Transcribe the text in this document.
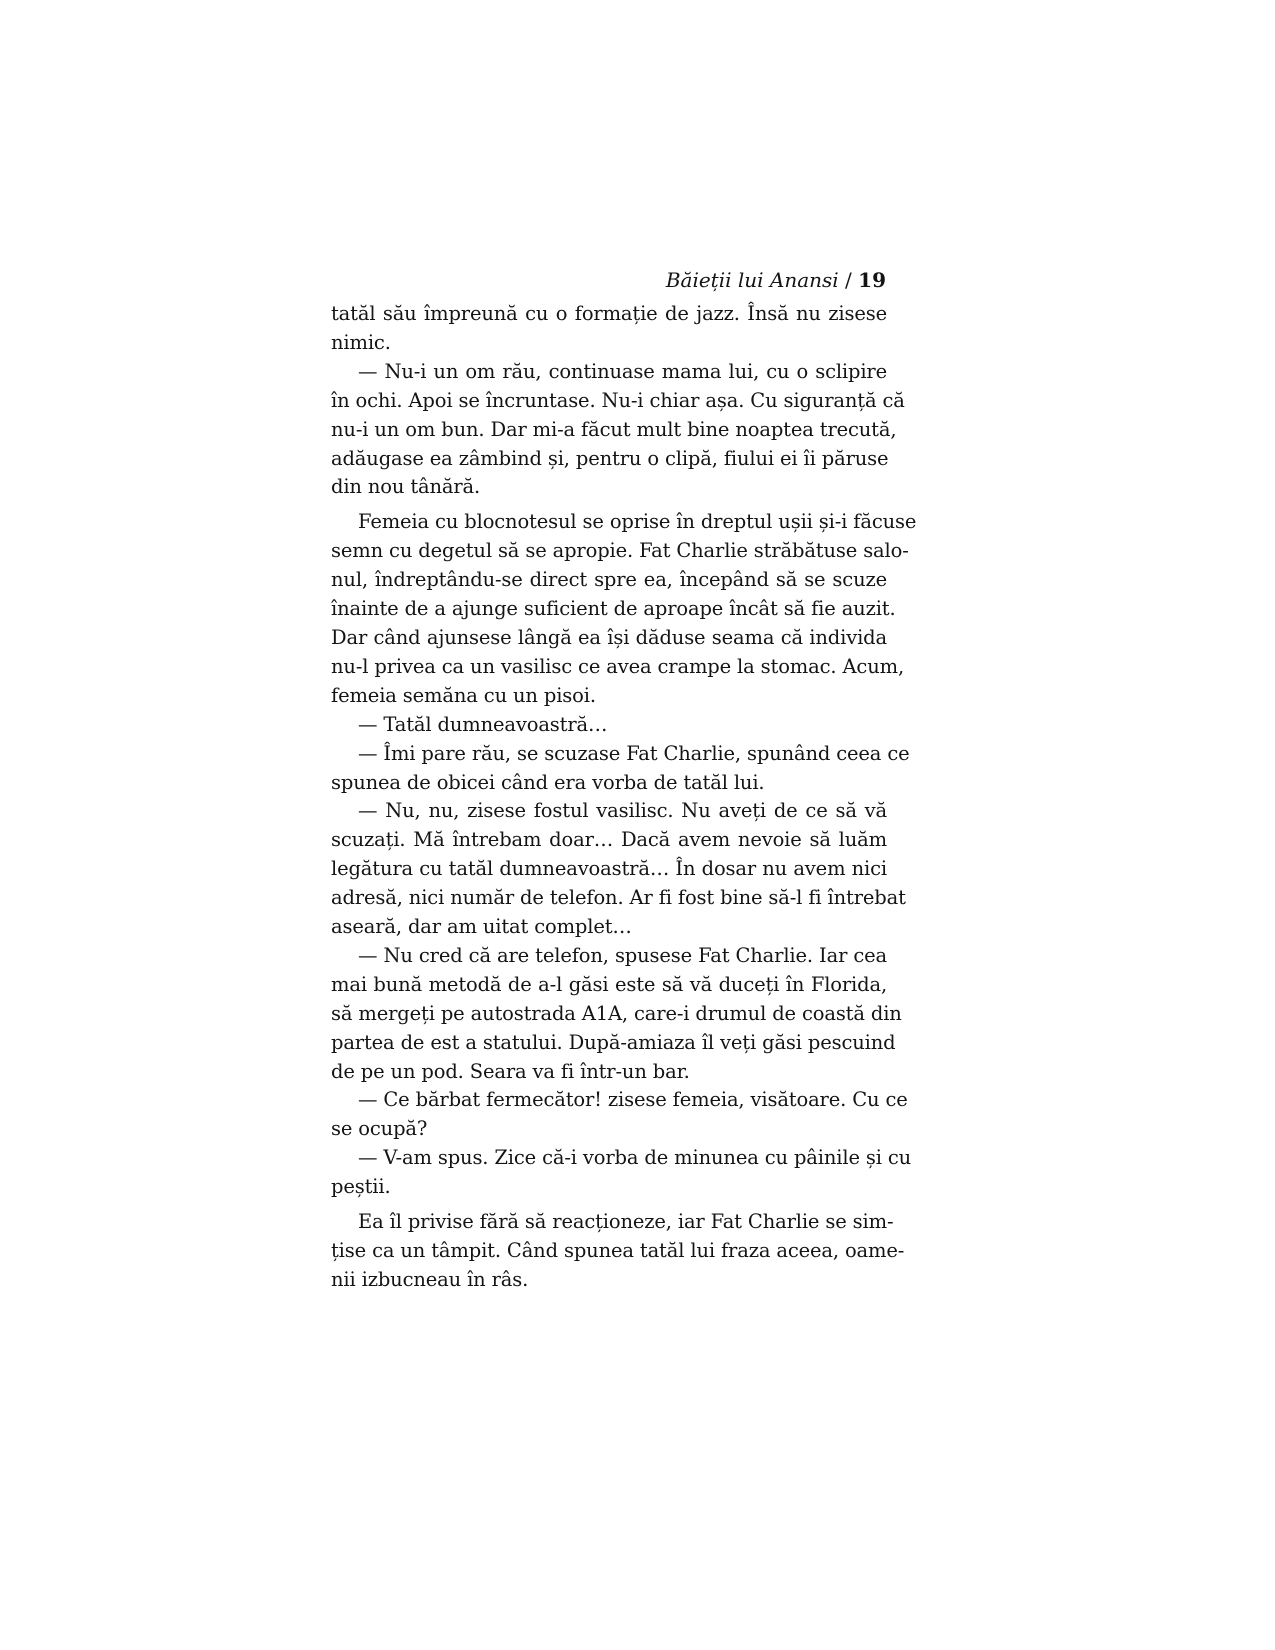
Băieții lui Anansi / 19

tatăl său împreună cu o formație de jazz. Însă nu zisese
nimic.

— Nu-i un om rău, continuase mama lui, cu o sclipire
în ochi. Apoi se încruntase. Nu-i chiar așa. Cu siguranță că
nu-i un om bun. Dar mi-a făcut mult bine noaptea trecută,
adăugase ea zâmbind și, pentru o clipă, fiului ei îi păruse
din nou tânără.

Femeia cu blocnotesul se oprise în dreptul ușii și-i făcuse
semn cu degetul să se apropie. Fat Charlie străbătuse salo-
nul, îndreptându-se direct spre ea, începând să se scuze
înainte de a ajunge suficient de aproape încât să fie auzit.
Dar când ajunsese lângă ea își dăduse seama că individa
nu-l privea ca un vasilisc ce avea crampe la stomac. Acum,
femeia semăna cu un pisoi.

— Tatăl dumneavoastră…

— Îmi pare rău, se scuzase Fat Charlie, spunând ceea ce
spunea de obicei când era vorba de tatăl lui.

— Nu, nu, zisese fostul vasilisc. Nu aveți de ce să vă
scuzați. Mă întrebam doar… Dacă avem nevoie să luăm
legătura cu tatăl dumneavoastră… În dosar nu avem nici
adresă, nici număr de telefon. Ar fi fost bine să-l fi întrebat
aseară, dar am uitat complet…

— Nu cred că are telefon, spusese Fat Charlie. Iar cea
mai bună metodă de a-l găsi este să vă duceți în Florida,
să mergeți pe autostrada A1A, care-i drumul de coastă din
partea de est a statului. După-amiaza îl veți găsi pescuind
de pe un pod. Seara va fi într-un bar.

— Ce bărbat fermecător! zisese femeia, visătoare. Cu ce
se ocupă?

— V-am spus. Zice că-i vorba de minunea cu pâinile și cu
peștii.

Ea îl privise fără să reacționeze, iar Fat Charlie se sim-
țise ca un tâmpit. Când spunea tatăl lui fraza aceea, oame-
nii izbucneau în râs.
